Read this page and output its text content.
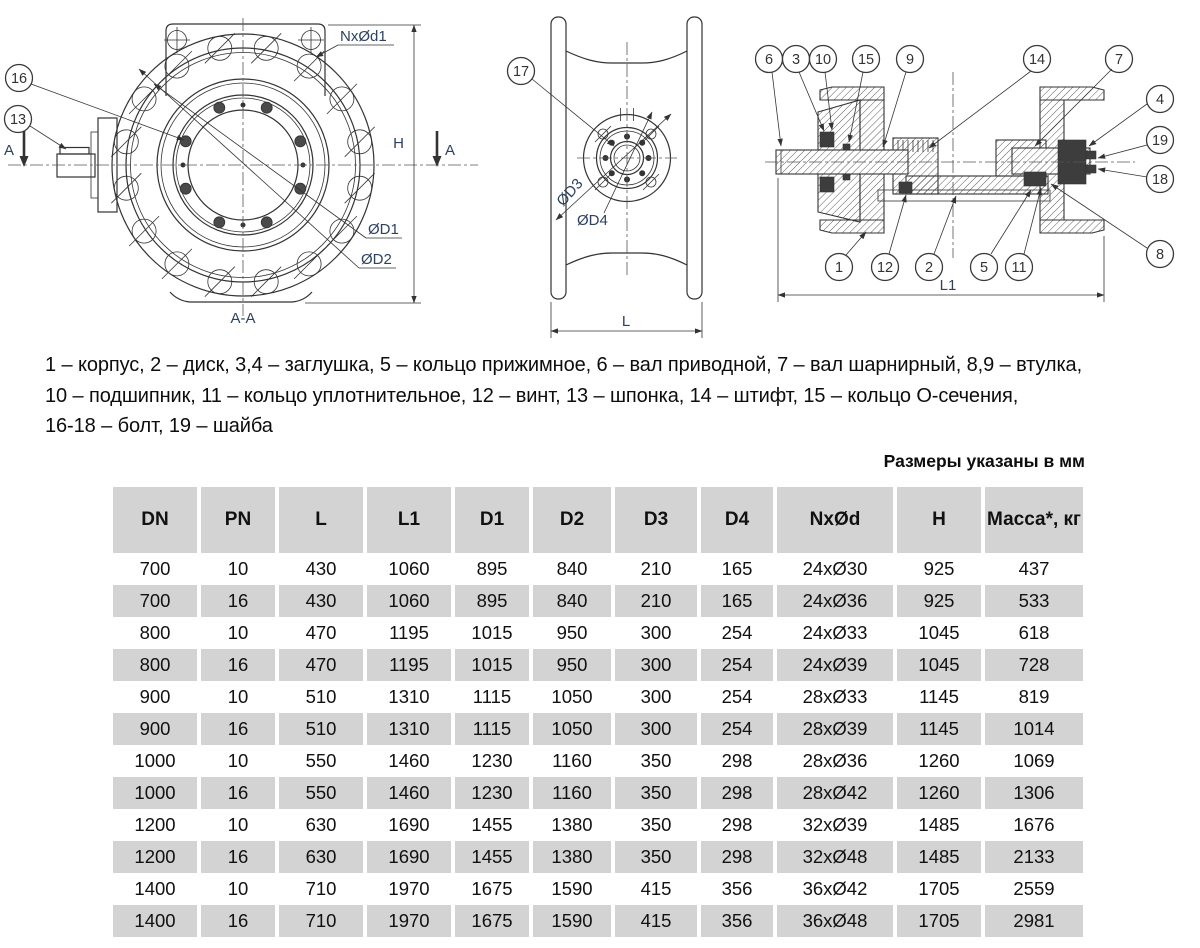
16
13
A	A
NxØd1
H
ØD1
ØD2
A-A
17
ØD3
ØD4
L
6 3 10 15 9	14	7
4
19
18
8
1 12 2	5 11
L1
1 – корпус, 2 – диск, 3,4 – заглушка, 5 – кольцо прижимное, 6 – вал приводной, 7 – вал шарнирный, 8,9 – втулка,
10 – подшипник, 11 – кольцо уплотнительное, 12 – винт, 13 – шпонка, 14 – штифт, 15 – кольцо О-сечения,
16-18 – болт, 19 – шайба
Размеры указаны в мм
DN	PN	L	L1	D1	D2	D3	D4	NxØd	H	Масса*, кг
700	10	430	1060	895	840	210	165	24xØ30	925	437
700	16	430	1060	895	840	210	165	24xØ36	925	533
800	10	470	1195	1015	950	300	254	24xØ33	1045	618
800	16	470	1195	1015	950	300	254	24xØ39	1045	728
900	10	510	1310	1115	1050	300	254	28xØ33	1145	819
900	16	510	1310	1115	1050	300	254	28xØ39	1145	1014
1000	10	550	1460	1230	1160	350	298	28xØ36	1260	1069
1000	16	550	1460	1230	1160	350	298	28xØ42	1260	1306
1200	10	630	1690	1455	1380	350	298	32xØ39	1485	1676
1200	16	630	1690	1455	1380	350	298	32xØ48	1485	2133
1400	10	710	1970	1675	1590	415	356	36xØ42	1705	2559
1400	16	710	1970	1675	1590	415	356	36xØ48	1705	2981
